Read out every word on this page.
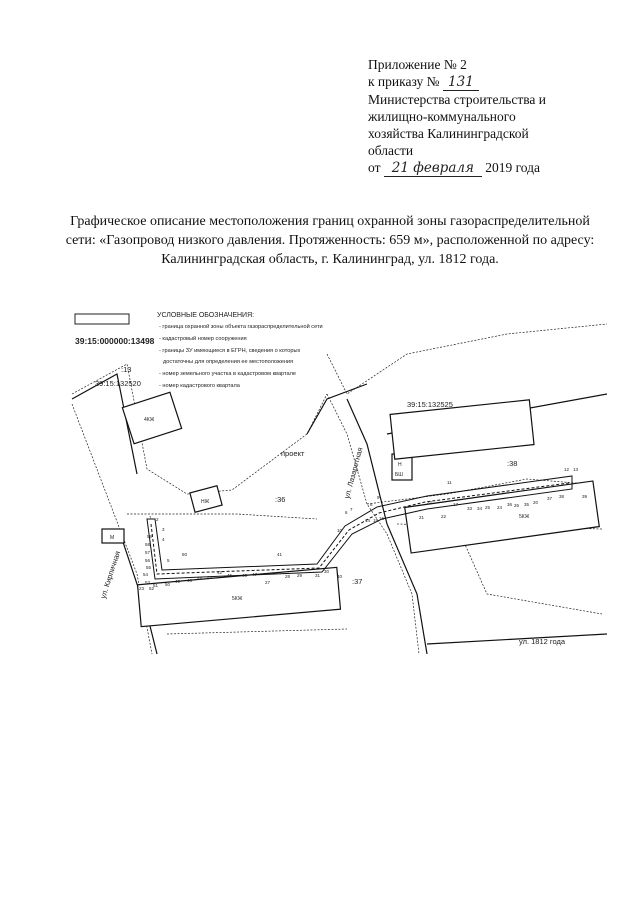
Приложение № 2
к приказу № 131
Министерства строительства и
жилищно-коммунального
хозяйства Калининградской
области
от 21 февраля 2019 года
Графическое описание местоположения границ охранной зоны газораспределительной сети: «Газопровод низкого давления. Протяженность: 659 м», расположенной по адресу: Калининградская область, г. Калининград, ул. 1812 года.
39:15:000000:13498
УСЛОВНЫЕ ОБОЗНАЧЕНИЯ:
- граница охранной зоны объекта газораспределительной сети
- кадастровый номер сооружения
- границы ЗУ имеющиеся в ЕГРН, сведения о которых
достаточны для определения ее местоположения
- номер земельного участка в кадастровом квартале
- номер кадастрового квартала
:13
39:15:132520
39:15:132525
:36
:37
:38
проект	ул. Лазаретная
ул. Кирпичная
ул. 1812 года
4КЖ
НЖ
М
5КЖ
5КЖ
Н
БШ
1 2
3
4
5
6
7
8
9
10
11
12 13
14 15 16
17	20
21	22
23
24
25	26
27
28 29
30
31
32
33 34
35
36
37 38	39
40
41
42
43
44
45 46 47
48
49
50
51
52
53
54
55
56
57
58
59
60
